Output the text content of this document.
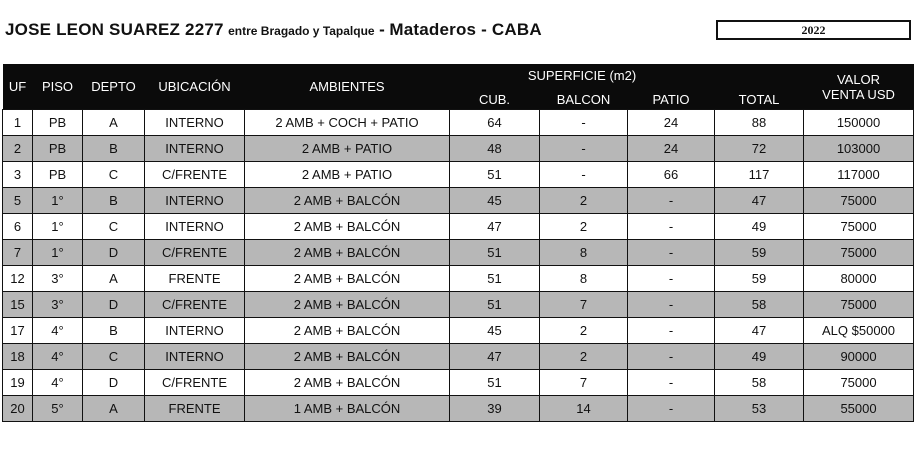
JOSE LEON SUAREZ 2277 entre Bragado y Tapalque - Mataderos - CABA	2022
UF	PISO	DEPTO	UBICACIÓN	AMBIENTES	SUPERFICIE (m2)			TOTAL	VALOR
VENTA USD

					CUB.	BALCON	PATIO		
1	PB	A	INTERNO	2 AMB + COCH + PATIO	64	-	24	88	150000
2	PB	B	INTERNO	2 AMB + PATIO	48	-	24	72	103000
3	PB	C	C/FRENTE	2 AMB + PATIO	51	-	66	117	117000
5	1°	B	INTERNO	2 AMB + BALCÓN	45	2	-	47	75000
6	1°	C	INTERNO	2 AMB + BALCÓN	47	2	-	49	75000
7	1°	D	C/FRENTE	2 AMB + BALCÓN	51	8	-	59	75000
12	3°	A	FRENTE	2 AMB + BALCÓN	51	8	-	59	80000
15	3°	D	C/FRENTE	2 AMB + BALCÓN	51	7	-	58	75000
17	4°	B	INTERNO	2 AMB + BALCÓN	45	2	-	47	ALQ $50000
18	4°	C	INTERNO	2 AMB + BALCÓN	47	2	-	49	90000
19	4°	D	C/FRENTE	2 AMB + BALCÓN	51	7	-	58	75000
20	5°	A	FRENTE	1 AMB + BALCÓN	39	14	-	53	55000
